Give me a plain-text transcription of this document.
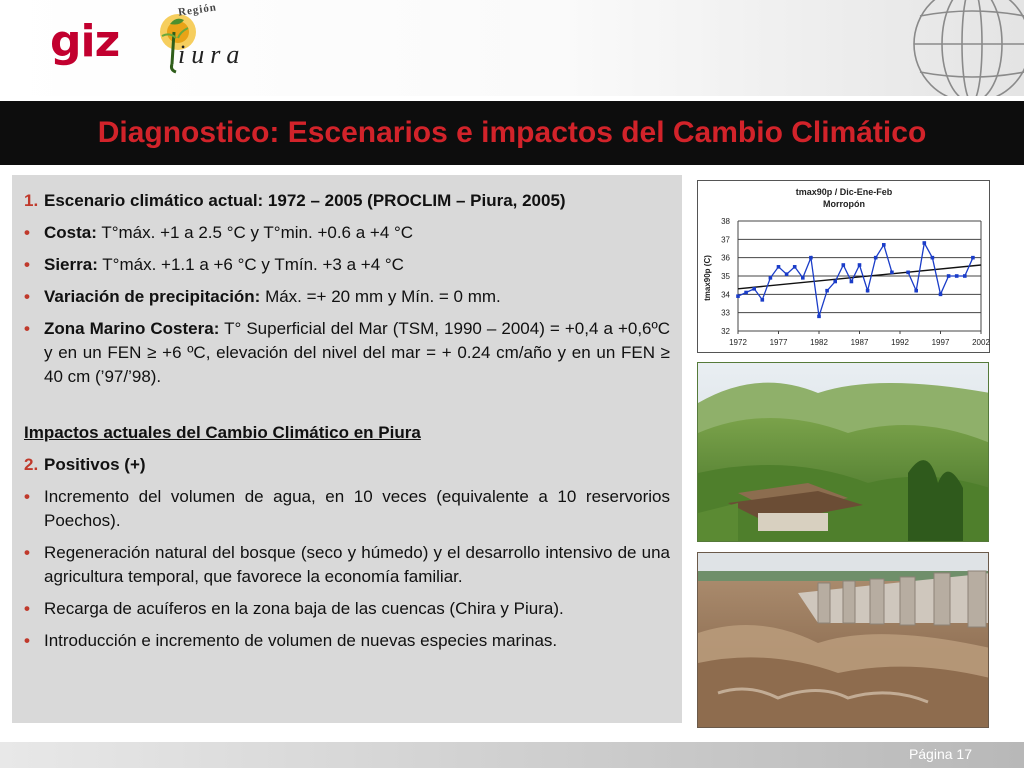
giz
Región
iura
Diagnostico: Escenarios e impactos del Cambio Climático
1. Escenario climático actual: 1972 – 2005 (PROCLIM – Piura, 2005)
• Costa: T°máx. +1 a 2.5 °C y T°min. +0.6 a +4 °C
• Sierra: T°máx. +1.1 a +6 °C y Tmín. +3 a +4 °C
• Variación de precipitación: Máx. =+ 20 mm y Mín. = 0 mm.
• Zona Marino Costera: T° Superficial del Mar (TSM, 1990 – 2004) = +0,4 a +0,6ºC y en un FEN ≥ +6 ºC, elevación del nivel del mar = + 0.24 cm/año y en un FEN ≥ 40 cm (’97/’98).
Impactos actuales del Cambio Climático en Piura
2. Positivos (+)
• Incremento del volumen de agua, en 10 veces (equivalente a 10 reservorios Poechos).
• Regeneración natural del bosque (seco y húmedo) y el desarrollo intensivo de una agricultura temporal, que favorece la economía familiar.
• Recarga de acuíferos en la zona baja de las cuencas (Chira y Piura).
• Introducción e incremento de volumen de nuevas especies marinas.
tmax90p / Dic-Ene-Feb
Morropón
tmax90p (C)
32
33
34
35
36
37
38
1972	1977	1982	1987	1992	1997	2002
Página 17
